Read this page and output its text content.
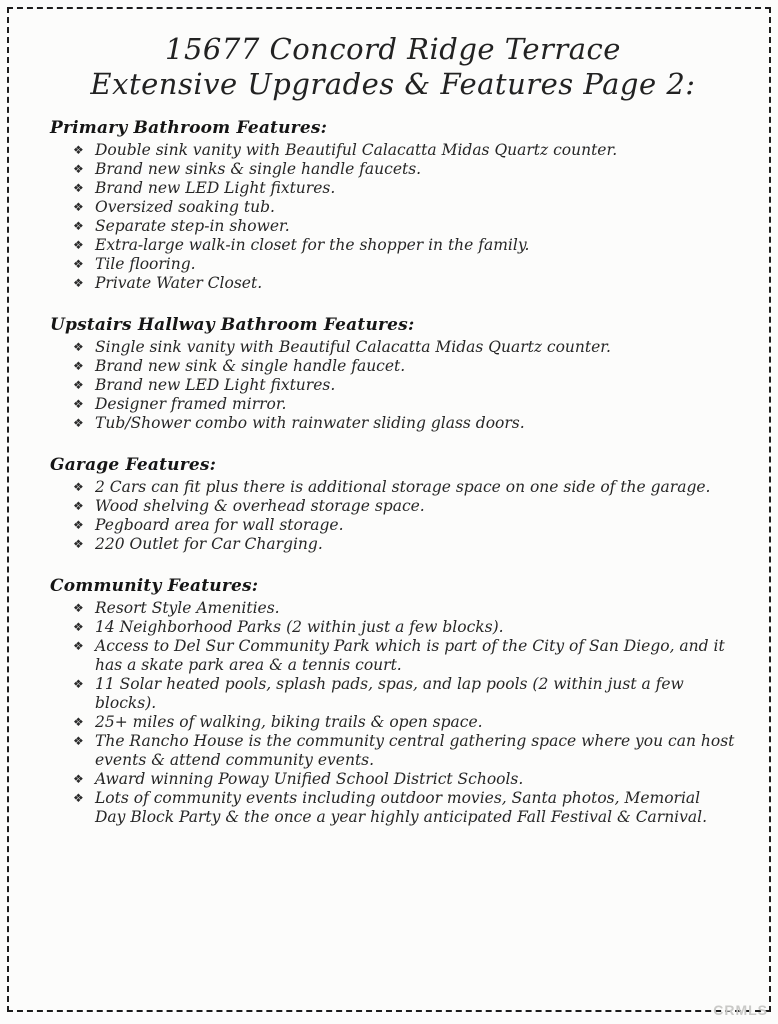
15677 Concord Ridge Terrace
Extensive Upgrades & Features Page 2:
Primary Bathroom Features:
❖ Double sink vanity with Beautiful Calacatta Midas Quartz counter.
❖ Brand new sinks & single handle faucets.
❖ Brand new LED Light fixtures.
❖ Oversized soaking tub.
❖ Separate step-in shower.
❖ Extra-large walk-in closet for the shopper in the family.
❖ Tile flooring.
❖ Private Water Closet.
Upstairs Hallway Bathroom Features:
❖ Single sink vanity with Beautiful Calacatta Midas Quartz counter.
❖ Brand new sink & single handle faucet.
❖ Brand new LED Light fixtures.
❖ Designer framed mirror.
❖ Tub/Shower combo with rainwater sliding glass doors.
Garage Features:
❖ 2 Cars can fit plus there is additional storage space on one side of the garage.
❖ Wood shelving & overhead storage space.
❖ Pegboard area for wall storage.
❖ 220 Outlet for Car Charging.
Community Features:
❖ Resort Style Amenities.
❖ 14 Neighborhood Parks (2 within just a few blocks).
❖ Access to Del Sur Community Park which is part of the City of San Diego, and it has a skate park area & a tennis court.
❖ 11 Solar heated pools, splash pads, spas, and lap pools (2 within just a few blocks).
❖ 25+ miles of walking, biking trails & open space.
❖ The Rancho House is the community central gathering space where you can host events & attend community events.
❖ Award winning Poway Unified School District Schools.
❖ Lots of community events including outdoor movies, Santa photos, Memorial Day Block Party & the once a year highly anticipated Fall Festival & Carnival.
CRMLS
